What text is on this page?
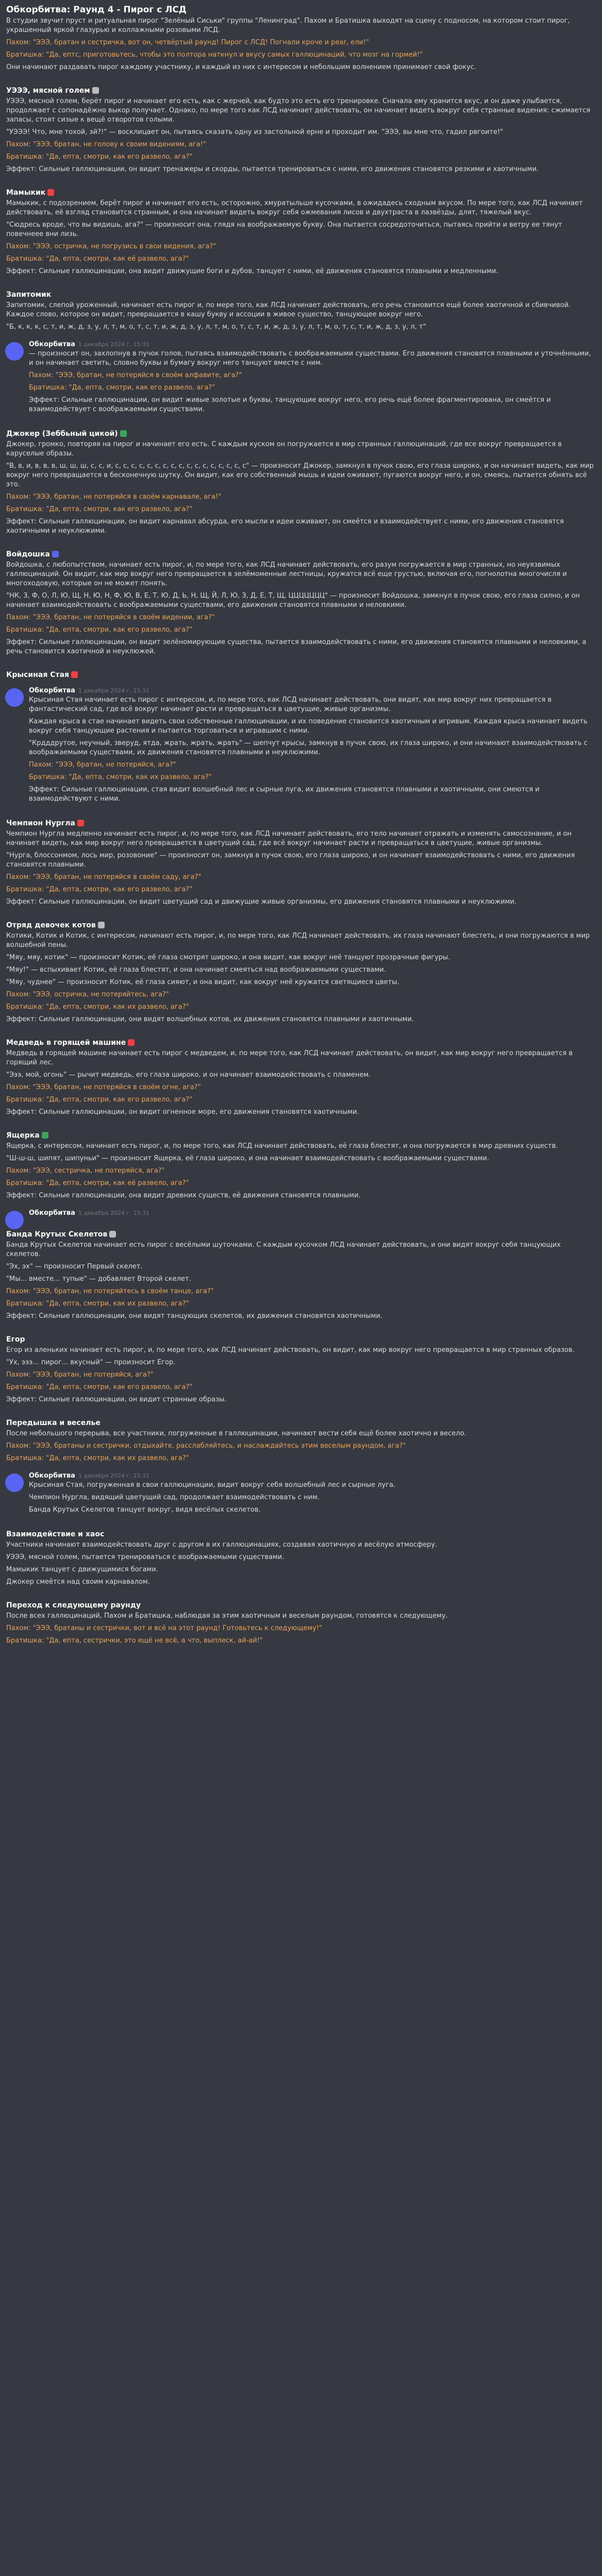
Обкорбитва: Раунд 4 - Пирог с ЛСД

В студии звучит пруст и ритуальная пирог "Зелёный Сиськи" группы "Ленинград". Пахом и Братишка выходят на сцену с подносом, на котором стоит пирог, украшенный яркой глазурью и коллажными розовыми ЛСД.

Пахом: "ЭЭЭ, братан и сестричка, вот он, четвёртый раунд! Пирог с ЛСД! Погнали кроче и реаr, ели!"

Братишка: "Да, ептс, приготовьтесь, чтобы это полтора наткнул и вкусу самых галлюцинаций, что мозг на гормей!"

Они начинают раздавать пирог каждому участнику, и каждый из них с интересом и небольшим волнением принимает свой фокус.

УЭЭЭ, мясной голем

УЭЭЭ, мясной голем, берёт пирог и начинает его есть, как с жерчей, как будто это есть его тренировке. Сначала ему хранится вкус, и он даже улыбается, продолжает с сопонадёжно выкор получает. Однако, по мере того как ЛСД начинает действовать, он начинает видеть вокруг себя странные видения: сжимается запасы, стоят сизые к вещё отворотов голыми.

"УЭЭЭ! Что, мне тохой, эй?!" — восклицает он, пытаясь сказать одну из застольной ерне и проходит им. "ЭЭЭ, вы мне что, гадил рвгоите!"

Пахом: "ЭЭЭ, братан, не голову к своим видениям, ага!"

Братишка: "Да, епта, смотри, как его развело, ага?"

Эффект: Сильные галлюцинации, он видит тренажеры и скорды, пытается тренироваться с ними, его движения становятся резкими и хаотичными.

Мамыкик

Мамыкик, с подозрением, берёт пирог и начинает его есть, осторожно, хмуратыльше кусочками, в ожидадесь сходным вкусом. По мере того, как ЛСД начинает действовать, её взгляд становится странным, и она начинает видеть вокруг себя ожмевания лисов и двухтраста в лазвёзды, длят, тяжелый вкус.

"Сюдресь вроде, что вы видишь, ага?" — произносит она, глядя на воображаемую букву. Она пытается сосредоточиться, пытаясь прийти и ветру ее тянут повечнеее вни лизь.

Пахом: "ЭЭЭ, остричка, не погрузись в свои видения, ага?"

Братишка: "Да, епта, смотри, как её развело, ага?"

Эффект: Сильные галлюцинации, она видит движущие боги и дубов, танцует с ними, её движения становятся плавными и медленными.

Запитомик

Запитомик, слепой уроженный, начинает есть пирог и, по мере того, как ЛСД начинает действовать, его речь становится ещё более хаотичной и сбивчивой. Каждое слово, которое он видит, превращается в кашу букву и ассоции в живое существо, танцующее вокруг него.

"Б, к, к, к, с, т, и, ж, д, з, у, л, т, м, о, т, с, т, и, ж, д, з, у, л, т, м, о, т, с, т, и, ж, д, з, у, л, т, м, о, т, с, т, и, ж, д, з, у, л, т"

Обкорбитва 1 декабря 2024 г. 15:31

— произносит он, захлопнув в пучок голов, пытаясь взаимодействовать с воображаемыми существами. Его движения становятся плавными и уточнёнными, и он начинает светить, словно буквы и бумагу вокруг него танцуют вместе с ним.

Пахом: "ЭЭЭ, братан, не потеряйся в своём алфавите, ага?"

Братишка: "Да, епта, смотри, как его развело, ага?"

Эффект: Сильные галлюцинации, он видит живые золотые и буквы, танцующие вокруг него, его речь ещё более фрагментирована, он смеётся и взаимодействует с воображаемыми существами.

Джокер (Зеббьный цикой)

Джокер, громко, повторяя на пирог и начинает его есть. С каждым куском он погружается в мир странных галлюцинаций, где все вокруг превращается в каруселые образы.

"В, в, и, в, в, в, ш, ш, ш, с, с, и, с, с, с, с, с, с, с, с, с, с, с, с, с, с, с, с, с" — произносит Джокер, замкнул в пучок свою, его глаза широко, и он начинает видеть, как мир вокруг него превращается в бесконечную шутку. Он видит, как его собственный мышь и идеи оживают, пугаются вокруг него, и он, смеясь, пытается обнять всё это.

Пахом: "ЭЭЭ, братан, не потеряйся в своём карнавале, ага!"

Братишка: "Да, епта, смотри, как его развело, ага?"

Эффект: Сильные галлюцинации, он видит карнавал абсурда, его мысли и идеи оживают, он смеётся и взаимодействует с ними, его движения становятся хаотичными и неуклюжими.

Войдошка

Войдошка, с любопытством, начинает есть пирог, и, по мере того, как ЛСД начинает действовать, его разум погружается в мир странных, но неуязвимых галлюцинаций. Он видит, как мир вокруг него превращается в зелёмоменные лестницы, кружатся всё еще грустью, включая его, погнолотна многочисля и многоходовую, которые он не может понять.

"НК, 3, Ф, О, Л, Ю, Щ, Н, Ю, Н, Ф, Ю, В, Е, Т, Ю, Д, Ь, Н, Щ, Й, Л, Ю, З, Д, Е, Т, Щ, ЦЦЦЦЦЦЦ" — произносит Войдошка, замкнул в пучок свою, его глаза силно, и он начинает взаимодействовать с воображаемыми существами, его движения становятся плавными и неловкими.

Пахом: "ЭЭЭ, братан, не потеряйся в своём видении, ага?"

Братишка: "Да, епта, смотри, как его развело, ага?"

Эффект: Сильные галлюцинации, он видит зелёномирующие существа, пытается взаимодействовать с ними, его движения становятся плавными и неловкими, а речь становится хаотичной и неуклюжей.

Крысиная Стая
Обкорбитва 1 декабря 2024 г. 15:31

Крысиная Стая начинает есть пирог с интересом, и, по мере того, как ЛСД начинает действовать, они видят, как мир вокруг них превращается в фантастический сад, где всё вокруг начинает расти и превращаться в цветущие, живые организмы.

Каждая крыса в стае начинает видеть свои собственные галлюцинации, и их поведение становится хаотичным и игривым. Каждая крыса начинает видеть вокруг себя танцующие растения и пытается торговаться и игравшим с ними.

"Крдддрутое, неучный, зверуд, ятда, жрать, жрать, жрать" — шепчут крысы, замкнув в пучок свою, их глаза широко, и они начинают взаимодействовать с воображаемыми существами, их движения становятся плавными и неуклюжими.

Пахом: "ЭЭЭ, братан, не потеряйся, ага?"

Братишка: "Да, епта, смотри, как их развело, ага?"

Эффект: Сильные галлюцинации, стая видит волшебный лес и сырные луга, их движения становятся плавными и хаотичными, они смеются и взаимодействуют с ними.

Чемпион Нургла

Чемпион Нургла медленно начинает есть пирог, и, по мере того, как ЛСД начинает действовать, его тело начинает отражать и изменять самосознание, и он начинает видеть, как мир вокруг него превращается в цветущий сад, где всё вокруг начинает расти и превращаться в цветущие, живые организмы.

"Нурга, блоссонмом, лось мир, розовоние" — произносит он, замкнув в пучок свою, его глаза широко, и он начинает взаимодействовать с ними, его движения становятся плавными.

Пахом: "ЭЭЭ, братан, не потеряйся в своём саду, ага?"

Братишка: "Да, епта, смотри, как его развело, ага?"

Эффект: Сильные галлюцинации, он видит цветущий сад и движущие живые организмы, его движения становятся плавными и неуклюжими.

Отряд девочек котов

Котики, Котик и Котик, с интересом, начинают есть пирог, и, по мере того, как ЛСД начинает действовать, их глаза начинают блестеть, и они погружаются в мир волшебной пены.

"Мяу, мяу, котик" — произносит Котик, её глаза смотрят широко, и она видит, как вокруг неё танцуют прозрачные фигуры.

"Мяу!" — вспыхивает Котик, её глаза блестят, и она начинает смеяться над воображаемыми существами.

"Мяу, чуднее" — произносит Котик, её глаза сияют, и она видит, как вокруг неё кружатся светящиеся цветы.

Пахом: "ЭЭЭ, остричка, не потеряйтесь, ага?"

Братишка: "Да, епта, смотри, как их развело, ага?"

Эффект: Сильные галлюцинации, они видят волшебных котов, их движения становятся плавными и хаотичными.

Медведь в горящей машине

Медведь в горящей машине начинает есть пирог с медведем, и, по мере того, как ЛСД начинает действовать, он видит, как мир вокруг него превращается в горящий лес.

"Эээ, мой, огонь" — рычит медведь, его глаза широко, и он начинает взаимодействовать с пламенем.

Пахом: "ЭЭЭ, братан, не потеряйся в своём огне, ага?"

Братишка: "Да, епта, смотри, как его развело, ага?"

Эффект: Сильные галлюцинации, он видит огненное море, его движения становятся хаотичными.

Ящерка

Ящерка, с интересом, начинает есть пирог, и, по мере того, как ЛСД начинает действовать, её глаза блестят, и она погружается в мир древних существ.

"Ш-ш-ш, шипят, шипуньи" — произносит Ящерка, её глаза широко, и она начинает взаимодействовать с воображаемыми существами.

Пахом: "ЭЭЭ, сестричка, не потеряйся, ага?"

Братишка: "Да, епта, смотри, как её развело, ага?"

Эффект: Сильные галлюцинации, она видит древних существ, её движения становятся плавными.

Обкорбитва 1 декабря 2024 г. 15:31
Банда Крутых Скелетов

Банда Крутых Скелетов начинает есть пирог с весёлыми шуточками. С каждым кусочком ЛСД начинает действовать, и они видят вокруг себя танцующих скелетов.

"Эх, эх" — произносит Первый скелет.

"Мы... вместе... тупые" — добавляет Второй скелет.

Пахом: "ЭЭЭ, братан, не потеряйтесь в своём танце, ага?"

Братишка: "Да, епта, смотри, как их развело, ага?"

Эффект: Сильные галлюцинации, они видят танцующих скелетов, их движения становятся хаотичными.

Егор

Егор из аленьких начинает есть пирог, и, по мере того, как ЛСД начинает действовать, он видит, как мир вокруг него превращается в мир странных образов.

"Ух, эээ... пирог... вкусный" — произносит Егор.

Пахом: "ЭЭЭ, братан, не потеряйся, ага?"

Братишка: "Да, епта, смотри, как его развело, ага?"

Эффект: Сильные галлюцинации, он видит странные образы.

Передышка и веселье

После небольшого перерыва, все участники, погруженные в галлюцинации, начинают вести себя ещё более хаотично и весело.

Пахом: "ЭЭЭ, братаны и сестрички, отдыхайте, расслабляйтесь, и наслаждайтесь этим веселым раундом, ага?"

Братишка: "Да, епта, смотри, как их развело, ага?"

Обкорбитва 1 декабря 2024 г. 15:31

Крысиная Стая, погруженная в свои галлюцинации, видит вокруг себя волшебный лес и сырные луга.

Чемпион Нургла, видящий цветущий сад, продолжает взаимодействовать с ним.

Банда Крутых Скелетов танцует вокруг, видя весёлых скелетов.

Взаимодействие и хаос

Участники начинают взаимодействовать друг с другом в их галлюцинациях, создавая хаотичную и весёлую атмосферу.

УЭЭЭ, мясной голем, пытается тренироваться с воображаемыми существами.

Мамыкик танцует с движущимися богами.

Джокер смеётся над своим карнавалом.

Переход к следующему раунду

После всех галлюцинаций, Пахом и Братишка, наблюдая за этим хаотичным и веселым раундом, готовятся к следующему.

Пахом: "ЭЭЭ, братаны и сестрички, вот и всё на этот раунд! Готовьтесь к следующему!"

Братишка: "Да, епта, сестрички, это ещё не всё, а что, выплеск, ай-ай!"
